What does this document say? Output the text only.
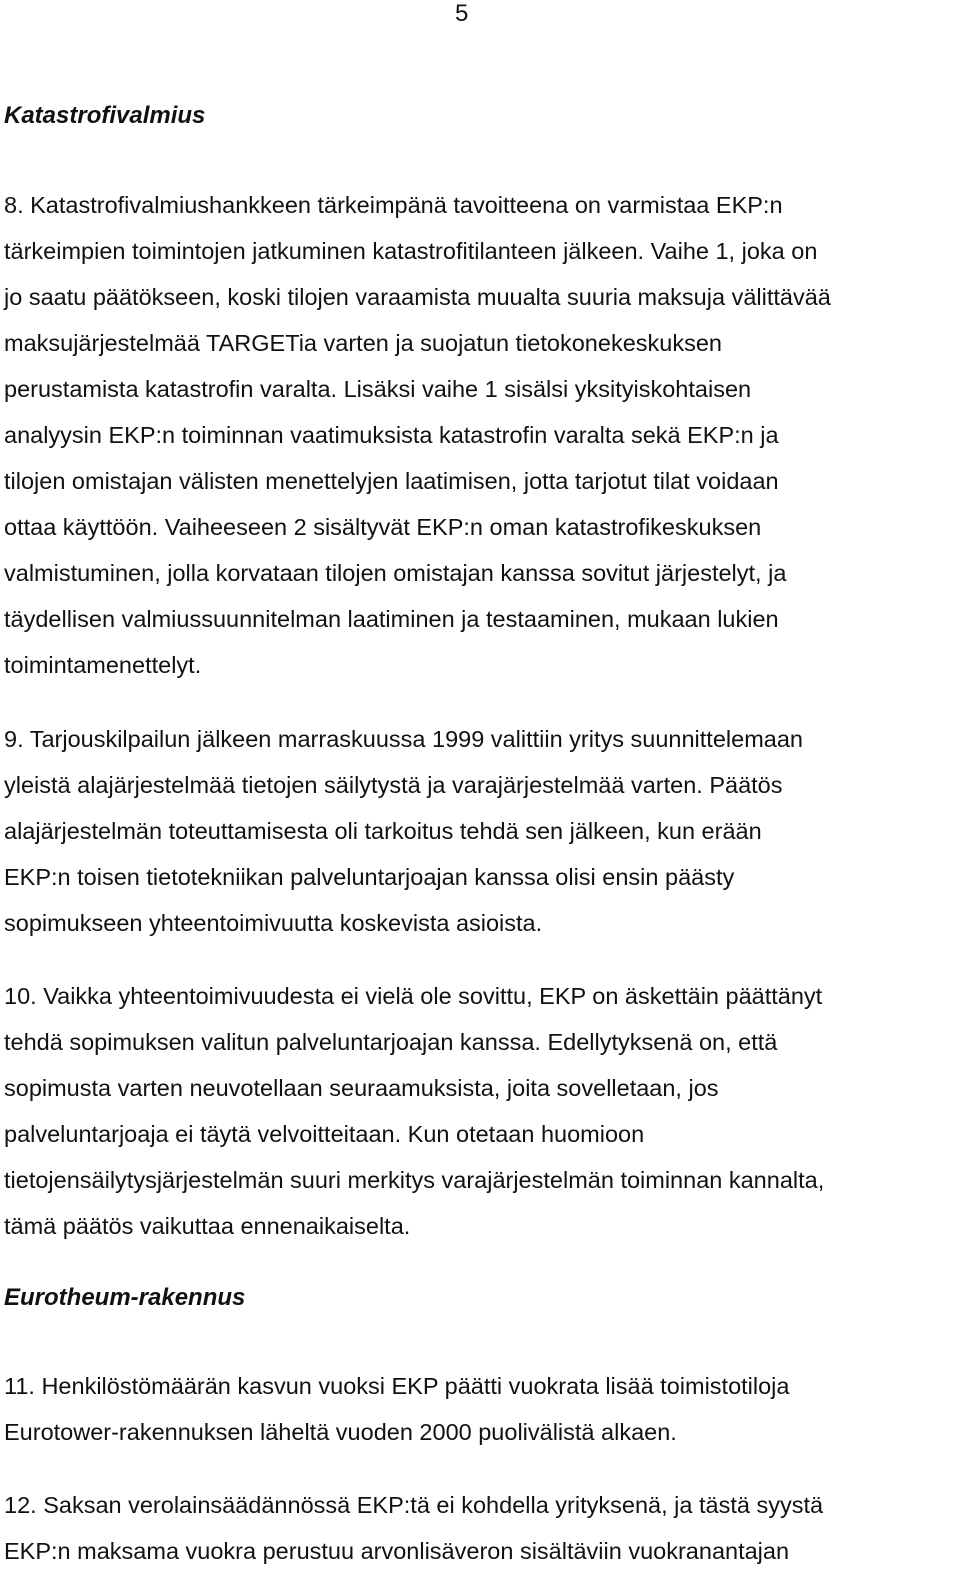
5
Katastrofivalmius
8. Katastrofivalmiushankkeen tärkeimpänä tavoitteena on varmistaa EKP:n
tärkeimpien toimintojen jatkuminen katastrofitilanteen jälkeen. Vaihe 1, joka on
jo saatu päätökseen, koski tilojen varaamista muualta suuria maksuja välittävää
maksujärjestelmää TARGETia varten ja suojatun tietokonekeskuksen
perustamista katastrofin varalta. Lisäksi vaihe 1 sisälsi yksityiskohtaisen
analyysin EKP:n toiminnan vaatimuksista katastrofin varalta sekä EKP:n ja
tilojen omistajan välisten menettelyjen laatimisen, jotta tarjotut tilat voidaan
ottaa käyttöön. Vaiheeseen 2 sisältyvät EKP:n oman katastrofikeskuksen
valmistuminen, jolla korvataan tilojen omistajan kanssa sovitut järjestelyt, ja
täydellisen valmiussuunnitelman laatiminen ja testaaminen, mukaan lukien
toimintamenettelyt.
9. Tarjouskilpailun jälkeen marraskuussa 1999 valittiin yritys suunnittelemaan
yleistä alajärjestelmää tietojen säilytystä ja varajärjestelmää varten. Päätös
alajärjestelmän toteuttamisesta oli tarkoitus tehdä sen jälkeen, kun erään
EKP:n toisen tietotekniikan palveluntarjoajan kanssa olisi ensin päästy
sopimukseen yhteentoimivuutta koskevista asioista.
10. Vaikka yhteentoimivuudesta ei vielä ole sovittu, EKP on äskettäin päättänyt
tehdä sopimuksen valitun palveluntarjoajan kanssa. Edellytyksenä on, että
sopimusta varten neuvotellaan seuraamuksista, joita sovelletaan, jos
palveluntarjoaja ei täytä velvoitteitaan. Kun otetaan huomioon
tietojensäilytysjärjestelmän suuri merkitys varajärjestelmän toiminnan kannalta,
tämä päätös vaikuttaa ennenaikaiselta.
Eurotheum-rakennus
11. Henkilöstömäärän kasvun vuoksi EKP päätti vuokrata lisää toimistotiloja
Eurotower-rakennuksen läheltä vuoden 2000 puolivälistä alkaen.
12. Saksan verolainsäädännössä EKP:tä ei kohdella yrityksenä, ja tästä syystä
EKP:n maksama vuokra perustuu arvonlisäveron sisältäviin vuokranantajan
